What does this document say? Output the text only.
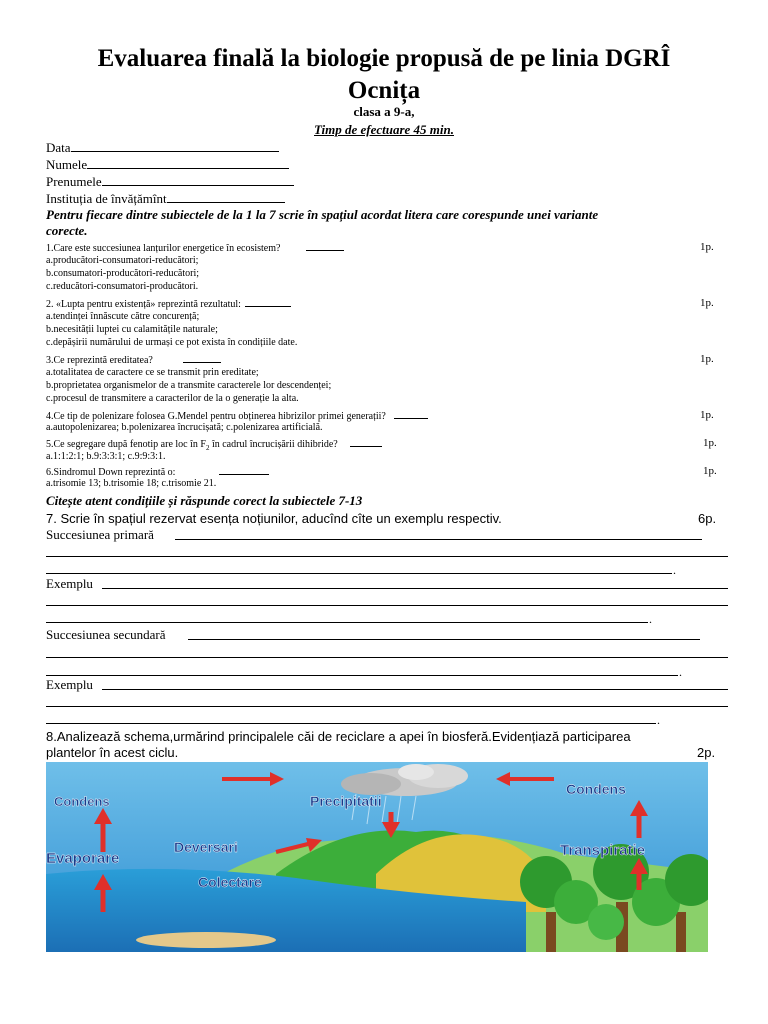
Evaluarea finală la biologie propusă de pe linia DGRÎ
Ocnița
clasa a 9-a,
Timp de efectuare 45 min.
Data
Numele
Prenumele
Instituția de învățămînt
Pentru fiecare dintre subiectele de la 1 la 7 scrie în spațiul acordat litera care corespunde unei variante
corecte.
1.Care este succesiunea lanțurilor energetice în ecosistem?	1p.
a.producători-consumatori-reducători;
b.consumatori-producători-reducători;
c.reducători-consumatori-producători.
2. «Lupta pentru existență» reprezintă rezultatul:	1p.
a.tendinței înnăscute către concurență;
b.necesității luptei cu calamitățile naturale;
c.depășirii numărului de urmași ce pot exista în condițiile date.
3.Ce reprezintă ereditatea?	1p.
a.totalitatea de caractere ce se transmit prin ereditate;
b.proprietatea organismelor de a transmite caracterele lor descendenței;
c.procesul de transmitere a caracterilor de la o generație la alta.
4.Ce tip de polenizare folosea G.Mendel pentru obținerea hibrizilor primei generații?	1p.
a.autopolenizarea; b.polenizarea încrucișată; c.polenizarea artificială.
5.Ce segregare după fenotip are loc în $F_2$ în cadrul încrucișării dihibride?	1p.
a.1:1:2:1; b.9:3:3:1; c.9:9:3:1.
6.Sindromul Down reprezintă o:	1p.
a.trisomie 13; b.trisomie 18; c.trisomie 21.
Citește atent condițiile și răspunde corect la subiectele 7-13
7. Scrie în spațiul rezervat esența noțiunilor, aducînd cîte un exemplu respectiv.	6p.
Succesiunea primară
.
Exemplu
.
Succesiunea secundară
.
Exemplu
.
8.Analizează schema,urmărind principalele căi de reciclare a apei în biosferă.Evidențiază participarea
plantelor în acest ciclu.	2p.
Condens	Precipitatii
Condens
Deversari
Evaporare	Transpiratie
Colectare
